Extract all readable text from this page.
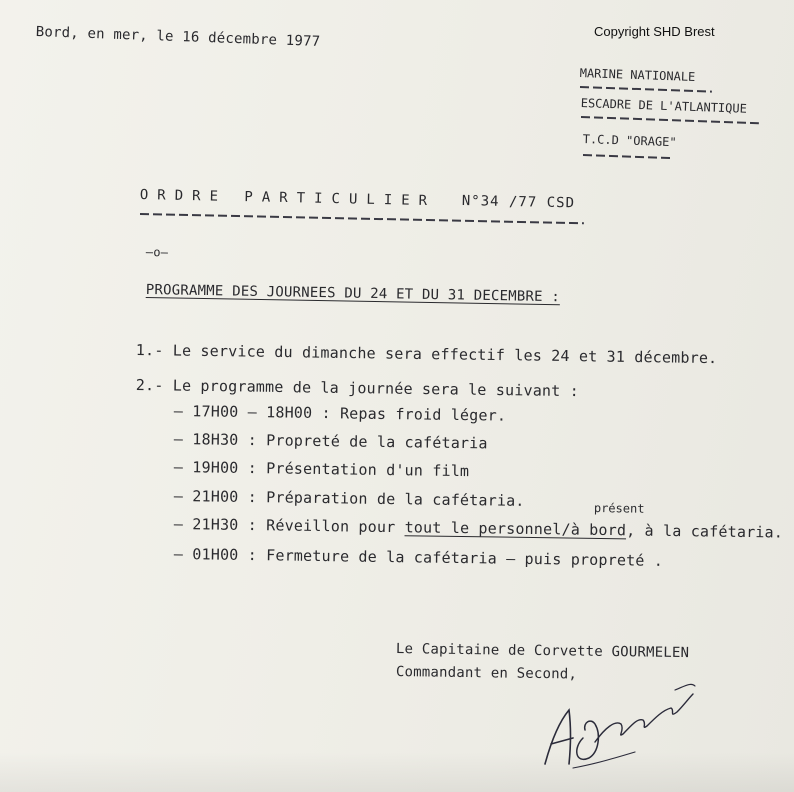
Copyright SHD Brest
Bord, en mer, le 16 décembre 1977
MARINE NATIONALE
ESCADRE DE L'ATLANTIQUE
T.C.D "ORAGE"
ORDRE PARTICULIER N°34 /77 CSD
—o—
PROGRAMME DES JOURNEES DU 24 ET DU 31 DECEMBRE :
1.- Le service du dimanche sera effectif les 24 et 31 décembre.
2.- Le programme de la journée sera le suivant :
– 17H00 – 18H00 : Repas froid léger.
– 18H30 : Propreté de la cafétaria
– 19H00 : Présentation d'un film
– 21H00 : Préparation de la cafétaria.
– 21H30 : Réveillon pour tout le personnel/à bord, à la cafétaria.
présent
– 01H00 : Fermeture de la cafétaria – puis propreté .
Le Capitaine de Corvette GOURMELEN
Commandant en Second,
